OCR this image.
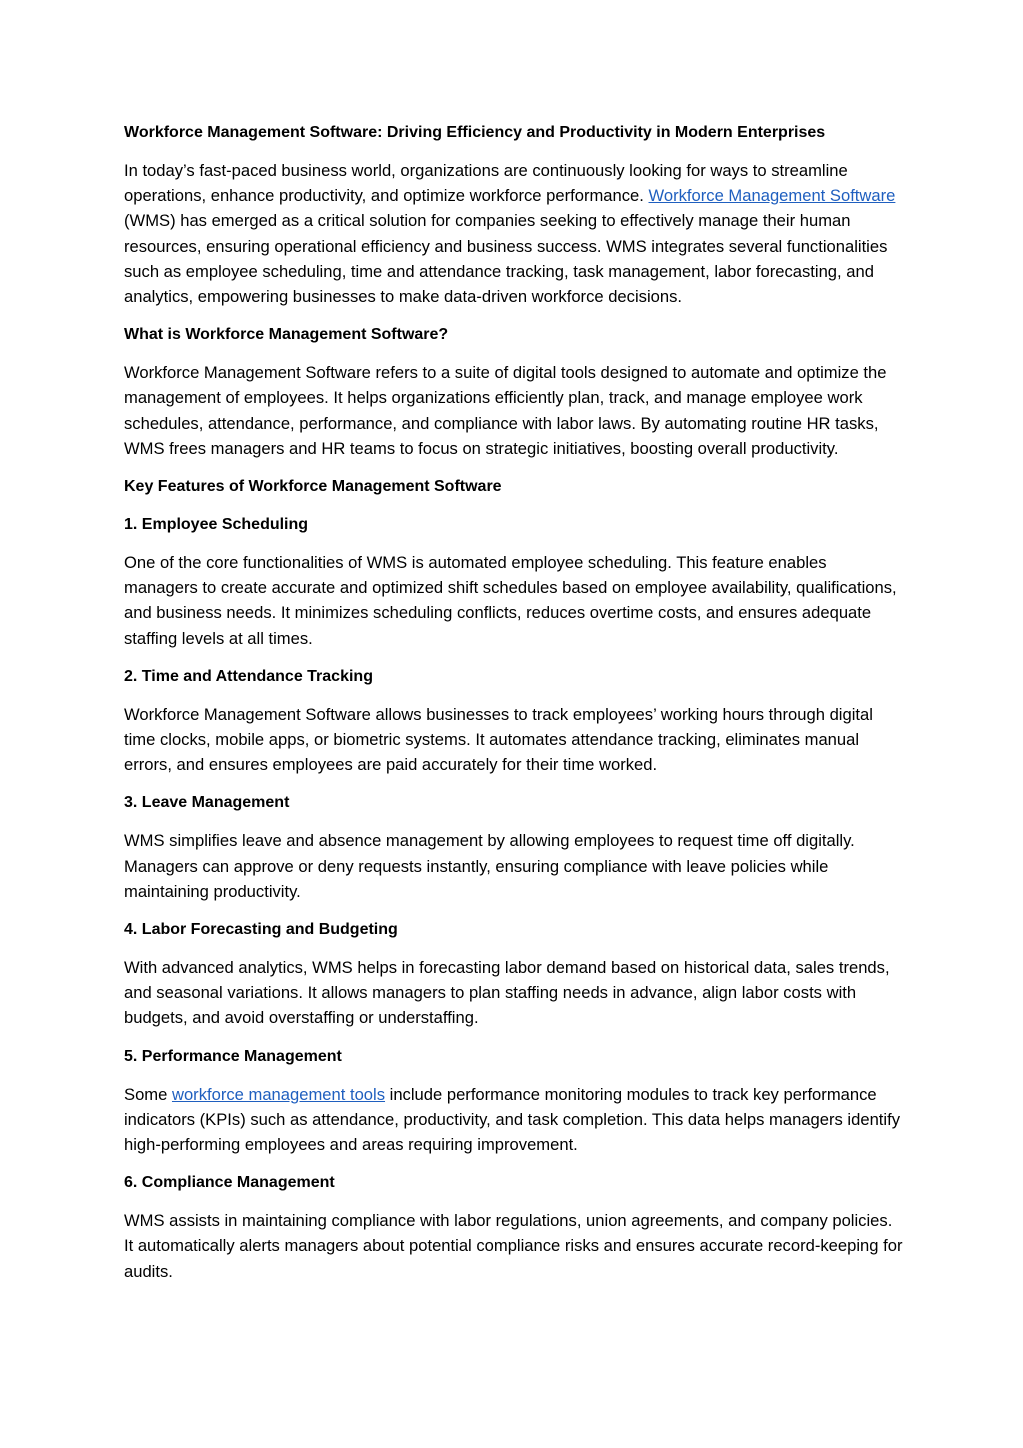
Workforce Management Software: Driving Efficiency and Productivity in Modern Enterprises
In today’s fast-paced business world, organizations are continuously looking for ways to streamline operations, enhance productivity, and optimize workforce performance. Workforce Management Software (WMS) has emerged as a critical solution for companies seeking to effectively manage their human resources, ensuring operational efficiency and business success. WMS integrates several functionalities such as employee scheduling, time and attendance tracking, task management, labor forecasting, and analytics, empowering businesses to make data-driven workforce decisions.
What is Workforce Management Software?
Workforce Management Software refers to a suite of digital tools designed to automate and optimize the management of employees. It helps organizations efficiently plan, track, and manage employee work schedules, attendance, performance, and compliance with labor laws. By automating routine HR tasks, WMS frees managers and HR teams to focus on strategic initiatives, boosting overall productivity.
Key Features of Workforce Management Software
1. Employee Scheduling
One of the core functionalities of WMS is automated employee scheduling. This feature enables managers to create accurate and optimized shift schedules based on employee availability, qualifications, and business needs. It minimizes scheduling conflicts, reduces overtime costs, and ensures adequate staffing levels at all times.
2. Time and Attendance Tracking
Workforce Management Software allows businesses to track employees’ working hours through digital time clocks, mobile apps, or biometric systems. It automates attendance tracking, eliminates manual errors, and ensures employees are paid accurately for their time worked.
3. Leave Management
WMS simplifies leave and absence management by allowing employees to request time off digitally. Managers can approve or deny requests instantly, ensuring compliance with leave policies while maintaining productivity.
4. Labor Forecasting and Budgeting
With advanced analytics, WMS helps in forecasting labor demand based on historical data, sales trends, and seasonal variations. It allows managers to plan staffing needs in advance, align labor costs with budgets, and avoid overstaffing or understaffing.
5. Performance Management
Some workforce management tools include performance monitoring modules to track key performance indicators (KPIs) such as attendance, productivity, and task completion. This data helps managers identify high-performing employees and areas requiring improvement.
6. Compliance Management
WMS assists in maintaining compliance with labor regulations, union agreements, and company policies. It automatically alerts managers about potential compliance risks and ensures accurate record-keeping for audits.
